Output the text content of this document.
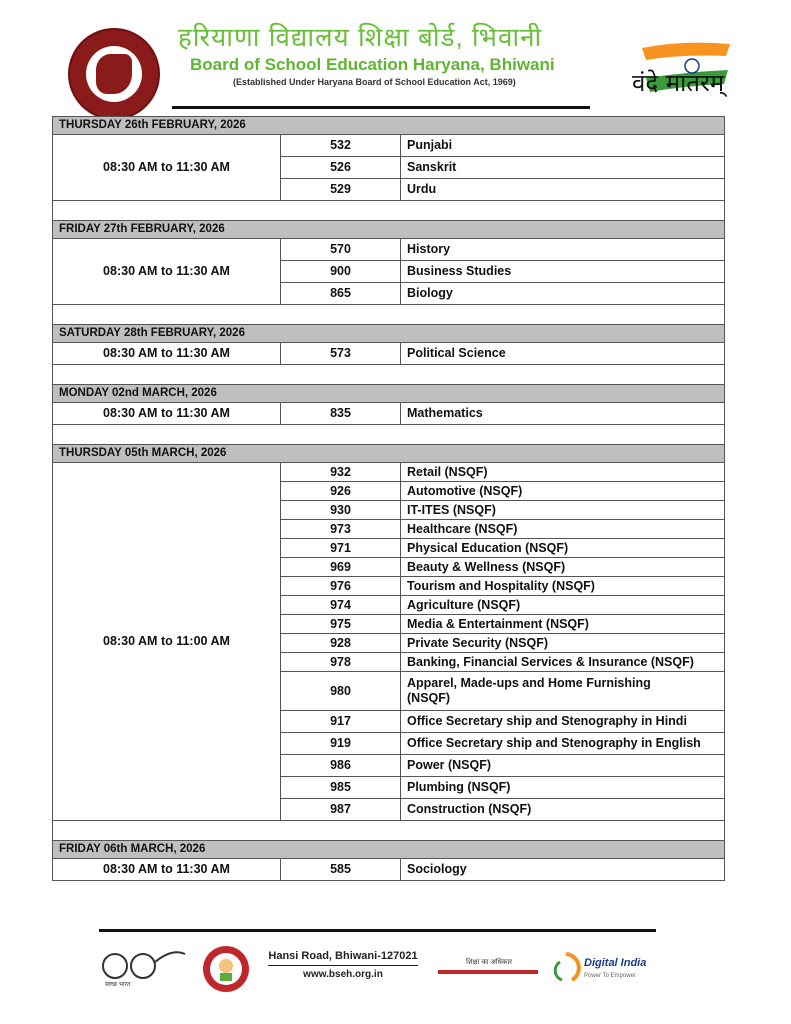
हरियाणा विद्यालय शिक्षा बोर्ड, भिवानी
Board of School Education Haryana, Bhiwani
(Established Under Haryana Board of School Education Act, 1969)	वंदे मातरम्
THURSDAY 26th FEBRUARY, 2026		
08:30 AM to 11:30 AM	532	Punjabi
	526	Sanskrit
	529	Urdu

FRIDAY 27th FEBRUARY, 2026		
08:30 AM to 11:30 AM	570	History
	900	Business Studies
	865	Biology

SATURDAY 28th FEBRUARY, 2026		
08:30 AM to 11:30 AM	573	Political Science

MONDAY 02nd MARCH, 2026		
08:30 AM to 11:30 AM	835	Mathematics

THURSDAY 05th MARCH, 2026		
08:30 AM to 11:00 AM	932	Retail (NSQF)
	926	Automotive (NSQF)
	930	IT-ITES (NSQF)
	973	Healthcare (NSQF)
	971	Physical Education (NSQF)
	969	Beauty & Wellness (NSQF)
	976	Tourism and Hospitality (NSQF)
	974	Agriculture (NSQF)
	975	Media & Entertainment (NSQF)
	928	Private Security (NSQF)
	978	Banking, Financial Services & Insurance (NSQF)
	980	Apparel, Made-ups and Home Furnishing (NSQF)
	917	Office Secretary ship and Stenography in Hindi
	919	Office Secretary ship and Stenography in English
	986	Power (NSQF)
	985	Plumbing (NSQF)
	987	Construction (NSQF)

FRIDAY 06th MARCH, 2026		
08:30 AM to 11:30 AM	585	Sociology
स्वच्छ भारत
Hansi Road, Bhiwani-127021
www.bseh.org.in
शिक्षा का अधिकार	Digital India
Power To Empower
